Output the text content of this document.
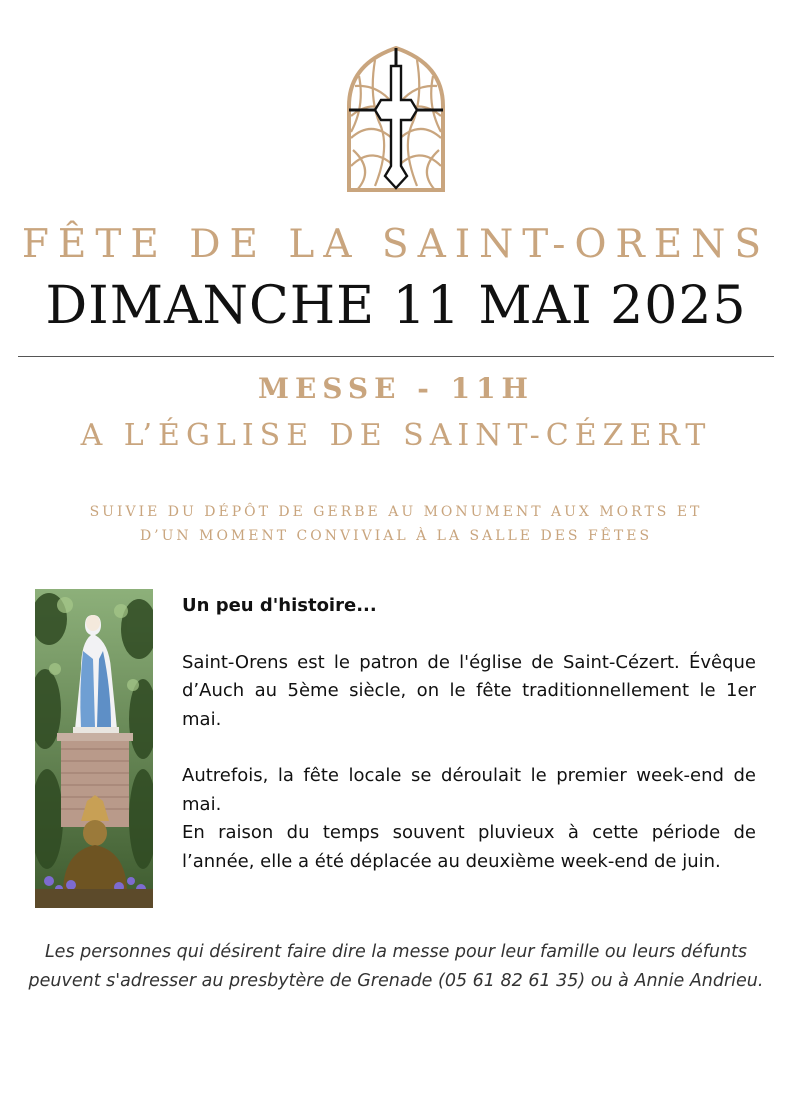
FÊTE DE LA SAINT-ORENS
DIMANCHE 11 MAI 2025
MESSE - 11H
A L’ÉGLISE DE SAINT-CÉZERT
SUIVIE DU DÉPÔT DE GERBE AU MONUMENT AUX MORTS ET
D’UN MOMENT CONVIVIAL À LA SALLE DES FÊTES

Un peu d'histoire...

Saint-Orens est le patron de l'église de Saint-Cézert. Évêque d’Auch au 5ème siècle, on le fête traditionnellement le 1er mai.

Autrefois, la fête locale se déroulait le premier week-end de mai.

En raison du temps souvent pluvieux à cette période de l’année, elle a été déplacée au deuxième week-end de juin.

Les personnes qui désirent faire dire la messe pour leur famille ou leurs défunts
peuvent s'adresser au presbytère de Grenade (05 61 82 61 35) ou à Annie Andrieu.
